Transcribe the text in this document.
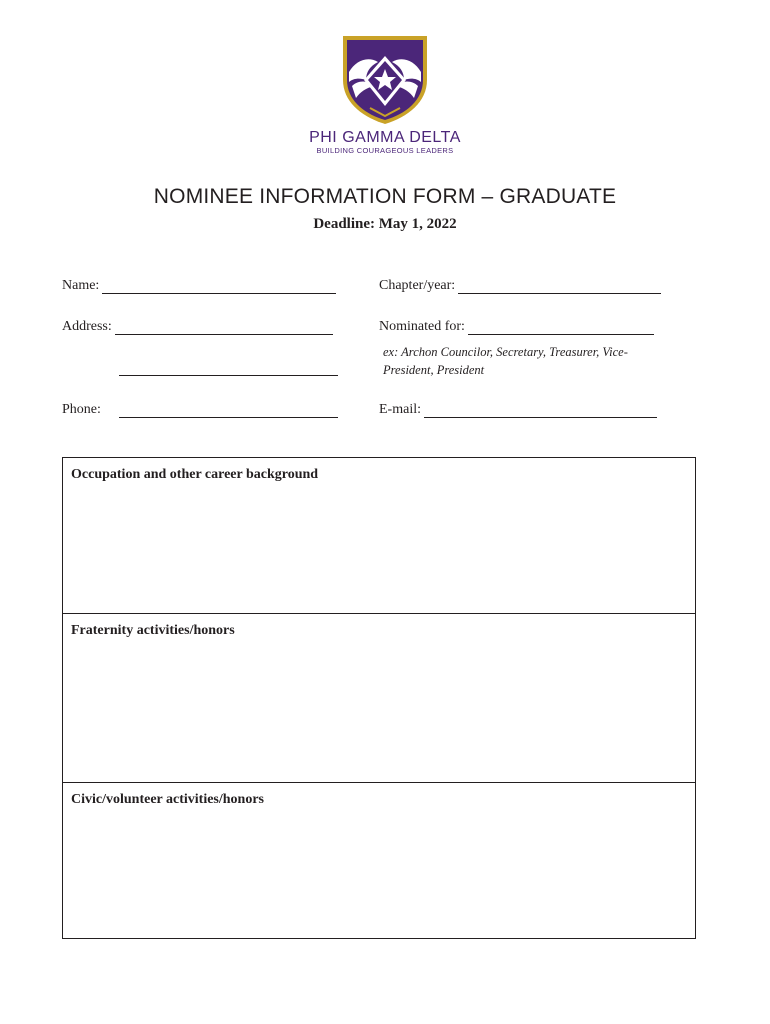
PHI GAMMA DELTA
BUILDING COURAGEOUS LEADERS
NOMINEE INFORMATION FORM – GRADUATE
Deadline: May 1, 2022
Name:	Chapter/year:
Address:	Nominated for:
ex: Archon Councilor, Secretary, Treasurer, Vice-President, President
Phone:	E-mail:
Occupation and other career background
Fraternity activities/honors
Civic/volunteer activities/honors
